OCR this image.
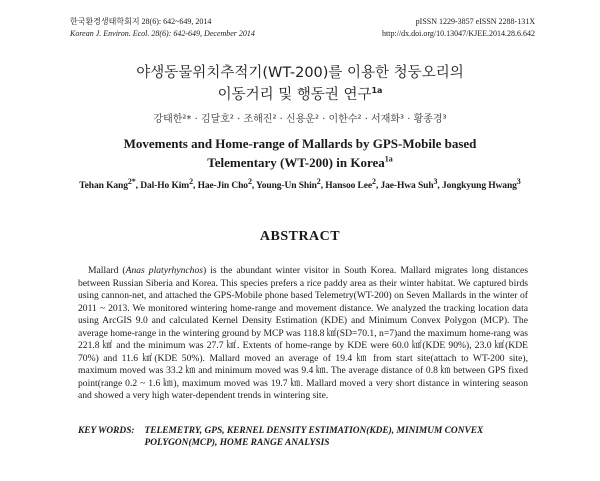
한국환경생태학회지 28(6): 642~649, 2014
Korean J. Environ. Ecol. 28(6): 642-649, December 2014
pISSN 1229-3857 eISSN 2288-131X
http://dx.doi.org/10.13047/KJEE.2014.28.6.642
야생동물위치추적기(WT-200)를 이용한 청둥오리의
이동거리 및 행동권 연구$^{1a}$
강태한²* · 김달호² · 조해진² · 신용운² · 이한수² · 서재화³ · 황종경³
Movements and Home-range of Mallards by GPS-Mobile based
Telementary (WT-200) in Korea$^{1a}$
Tehan Kang$^{2*}$, Dal-Ho Kim$^2$, Hae-Jin Cho$^2$, Young-Un Shin$^2$, Hansoo Lee$^2$, Jae-Hwa Suh$^3$, Jongkyung Hwang$^3$
ABSTRACT
Mallard (Anas platyrhynchos) is the abundant winter visitor in South Korea. Mallard migrates long distances between Russian Siberia and Korea. This species prefers a rice paddy area as their winter habitat. We captured birds using cannon-net, and attached the GPS-Mobile phone based Telemetry(WT-200) on Seven Mallards in the winter of 2011 ~ 2013. We monitored wintering home-range and movement distance. We analyzed the tracking location data using ArcGIS 9.0 and calculated Kernel Density Estimation (KDE) and Minimum Convex Polygon (MCP). The average home-range in the wintering ground by MCP was 118.8 ㎢(SD=70.1, n=7)and the maximum home-rang was 221.8 ㎢ and the minimum was 27.7 ㎢. Extents of home-range by KDE were 60.0 ㎢(KDE 90%), 23.0 ㎢(KDE 70%) and 11.6 ㎢(KDE 50%). Mallard moved an average of 19.4 ㎞ from start site(attach to WT-200 site), maximum moved was 33.2 ㎞ and minimum moved was 9.4 ㎞. The average distance of 0.8 ㎞ between GPS fixed point(range 0.2 ~ 1.6 ㎞), maximum moved was 19.7 ㎞. Mallard moved a very short distance in wintering season and showed a very high water-dependent trends in wintering site.
KEY WORDS: TELEMETRY, GPS, KERNEL DENSITY ESTIMATION(KDE), MINIMUM CONVEX POLYGON(MCP), HOME RANGE ANALYSIS
